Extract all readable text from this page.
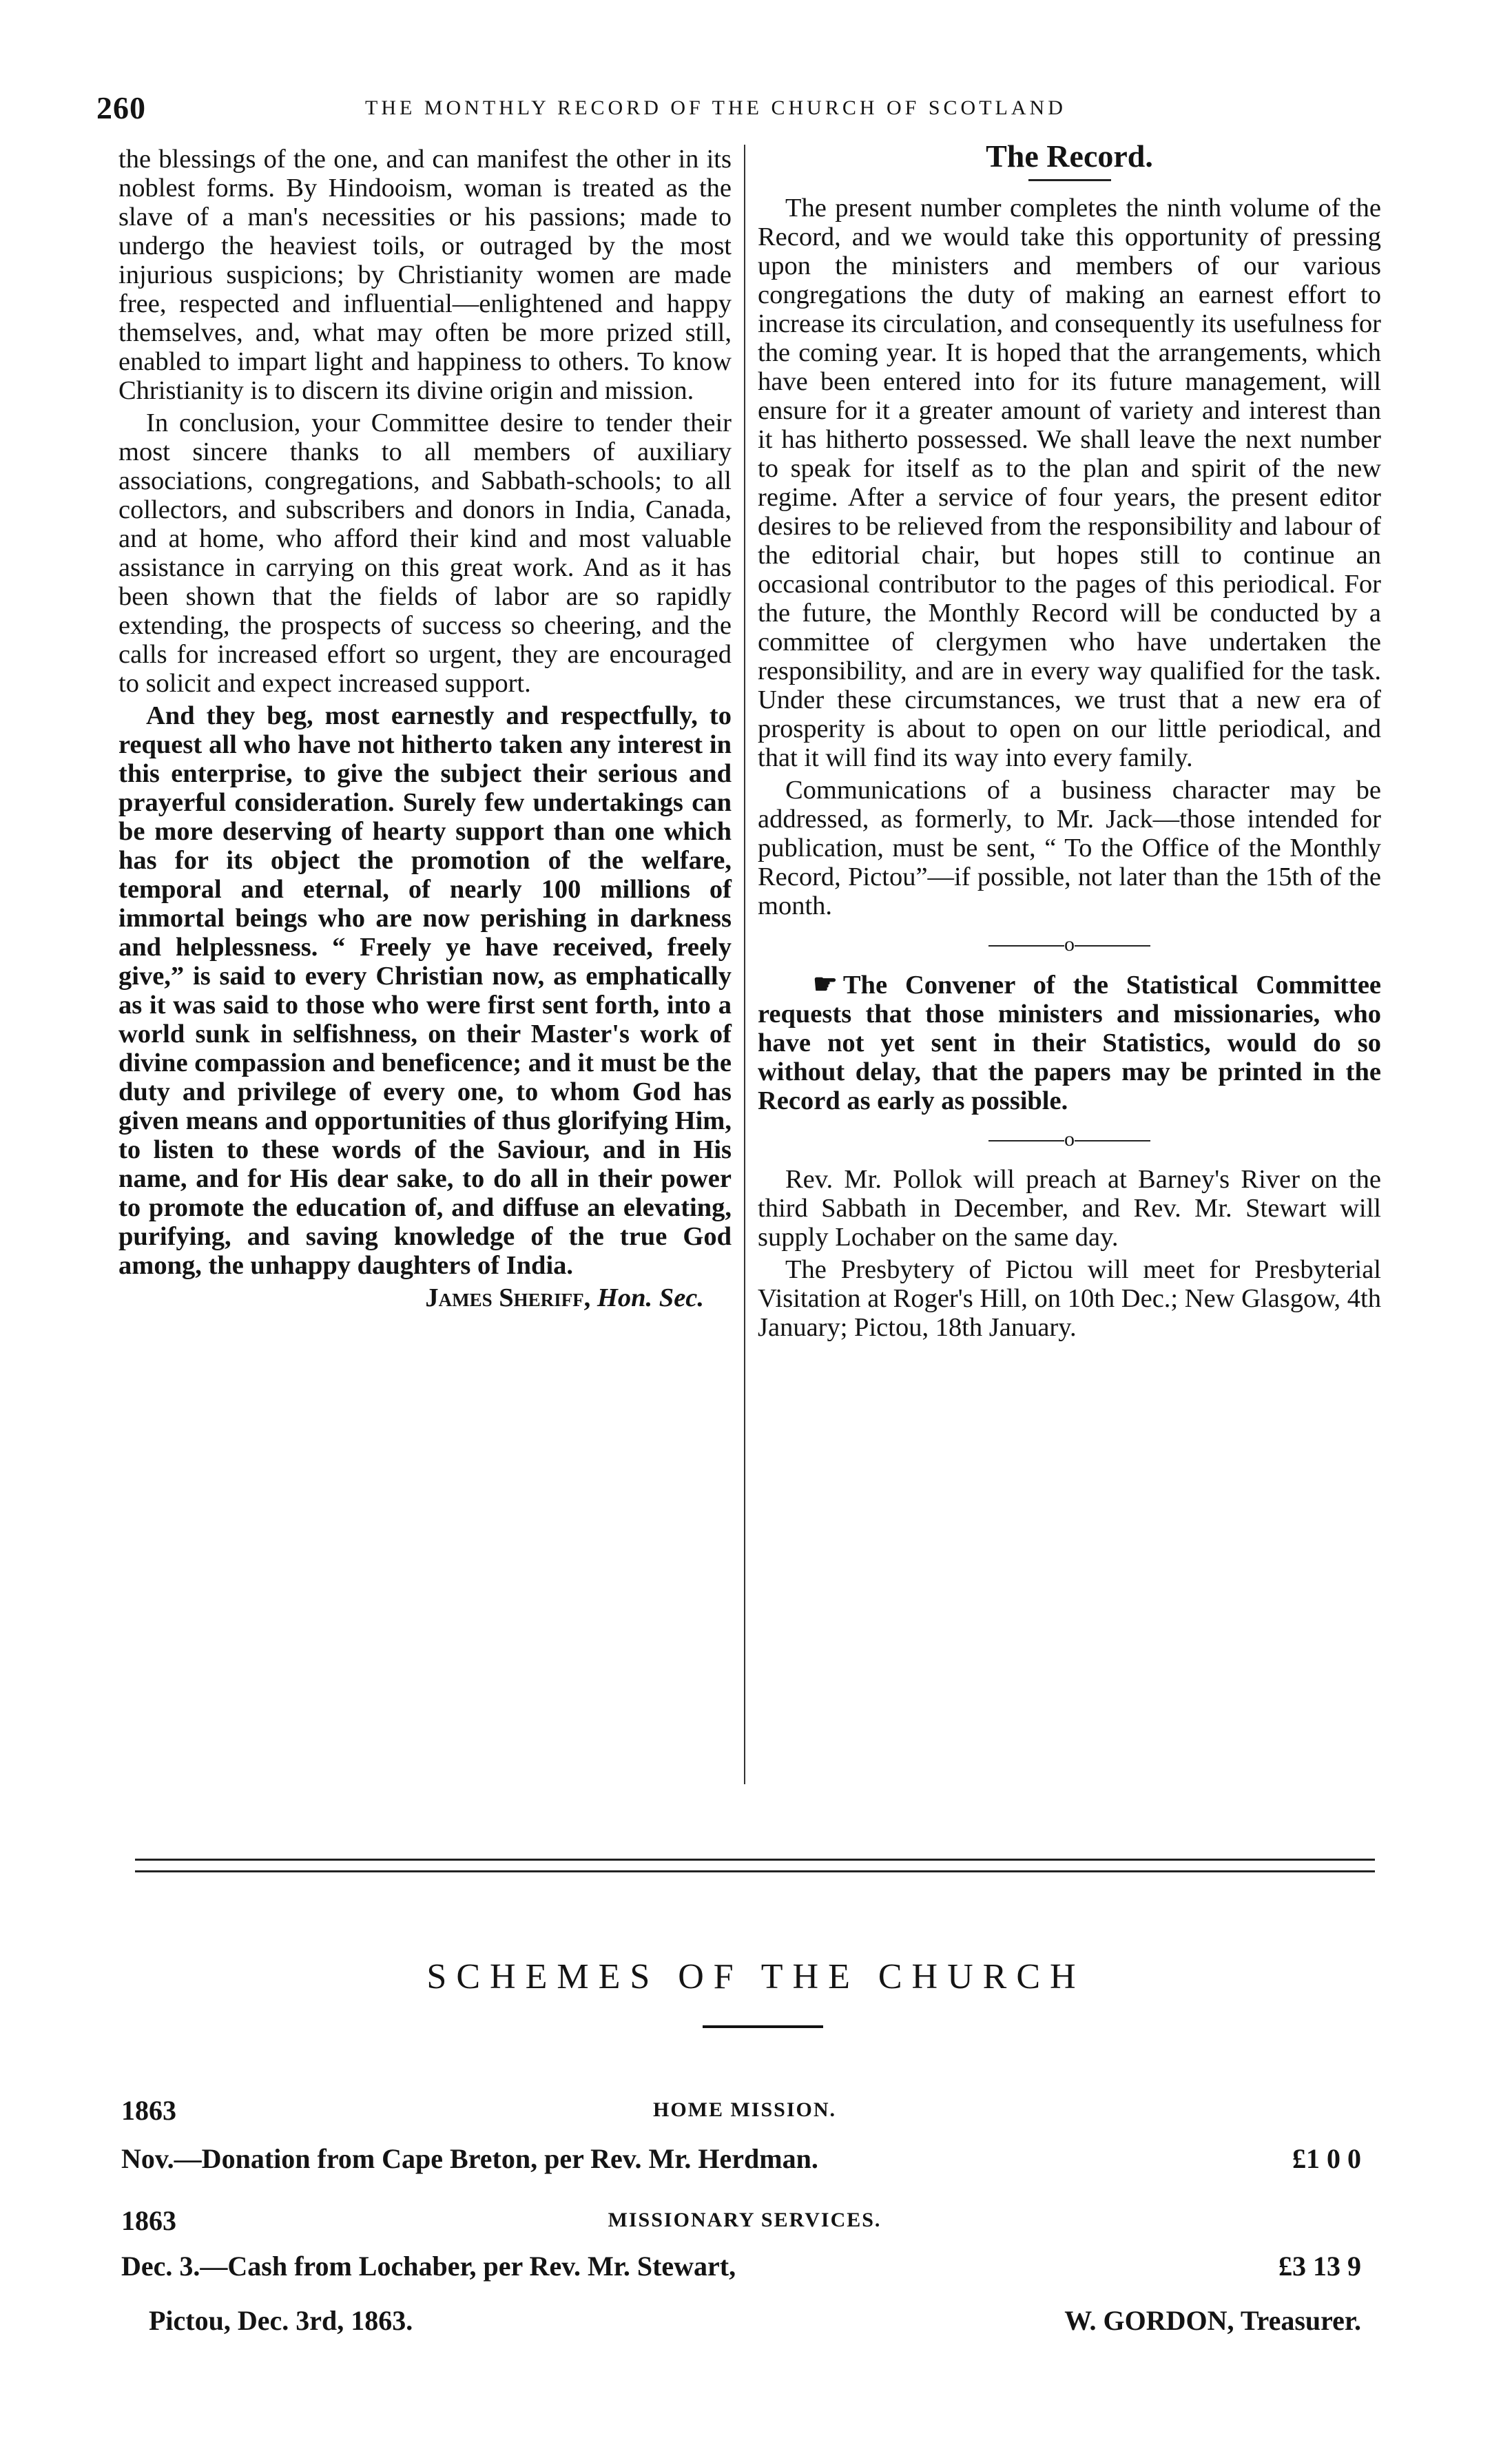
260	THE MONTHLY RECORD OF THE CHURCH OF SCOTLAND

the blessings of the one, and can manifest the other in its noblest forms. By Hindooism, woman is treated as the slave of a man's necessities or his passions; made to undergo the heaviest toils, or outraged by the most injurious suspicions; by Christianity women are made free, respected and influential—enlightened and happy themselves, and, what may often be more prized still, enabled to impart light and happiness to others. To know Christianity is to discern its divine origin and mission.

In conclusion, your Committee desire to tender their most sincere thanks to all members of auxiliary associations, congregations, and Sabbath-schools; to all collectors, and subscribers and donors in India, Canada, and at home, who afford their kind and most valuable assistance in carrying on this great work. And as it has been shown that the fields of labor are so rapidly extending, the prospects of success so cheering, and the calls for increased effort so urgent, they are encouraged to solicit and expect increased support.

And they beg, most earnestly and respectfully, to request all who have not hitherto taken any interest in this enterprise, to give the subject their serious and prayerful consideration. Surely few undertakings can be more deserving of hearty support than one which has for its object the promotion of the welfare, temporal and eternal, of nearly 100 millions of immortal beings who are now perishing in darkness and helplessness. “ Freely ye have received, freely give,” is said to every Christian now, as emphatically as it was said to those who were first sent forth, into a world sunk in selfishness, on their Master's work of divine compassion and beneficence; and it must be the duty and privilege of every one, to whom God has given means and opportunities of thus glorifying Him, to listen to these words of the Saviour, and in His name, and for His dear sake, to do all in their power to promote the education of, and diffuse an elevating, purifying, and saving knowledge of the true God among, the unhappy daughters of India.

James Sheriff, Hon. Sec.
The Record.

The present number completes the ninth volume of the Record, and we would take this opportunity of pressing upon the ministers and members of our various congregations the duty of making an earnest effort to increase its circulation, and consequently its usefulness for the coming year. It is hoped that the arrangements, which have been entered into for its future management, will ensure for it a greater amount of variety and interest than it has hitherto possessed. We shall leave the next number to speak for itself as to the plan and spirit of the new regime. After a service of four years, the present editor desires to be relieved from the responsibility and labour of the editorial chair, but hopes still to continue an occasional contributor to the pages of this periodical. For the future, the Monthly Record will be conducted by a committee of clergymen who have undertaken the responsibility, and are in every way qualified for the task. Under these circumstances, we trust that a new era of prosperity is about to open on our little periodical, and that it will find its way into every family.

Communications of a business character may be addressed, as formerly, to Mr. Jack—those intended for publication, must be sent, “ To the Office of the Monthly Record, Pictou”—if possible, not later than the 15th of the month.

o

☛ The Convener of the Statistical Committee requests that those ministers and missionaries, who have not yet sent in their Statistics, would do so without delay, that the papers may be printed in the Record as early as possible.

o

Rev. Mr. Pollok will preach at Barney's River on the third Sabbath in December, and Rev. Mr. Stewart will supply Lochaber on the same day.

The Presbytery of Pictou will meet for Presbyterial Visitation at Roger's Hill, on 10th Dec.; New Glasgow, 4th January; Pictou, 18th January.

SCHEMES OF THE CHURCH
1863	HOME MISSION.
Nov.—Donation from Cape Breton, per Rev. Mr. Herdman.	£1 0 0
1863	MISSIONARY SERVICES.
Dec. 3.—Cash from Lochaber, per Rev. Mr. Stewart,	£3 13 9
Pictou, Dec. 3rd, 1863.	W. GORDON, Treasurer.
